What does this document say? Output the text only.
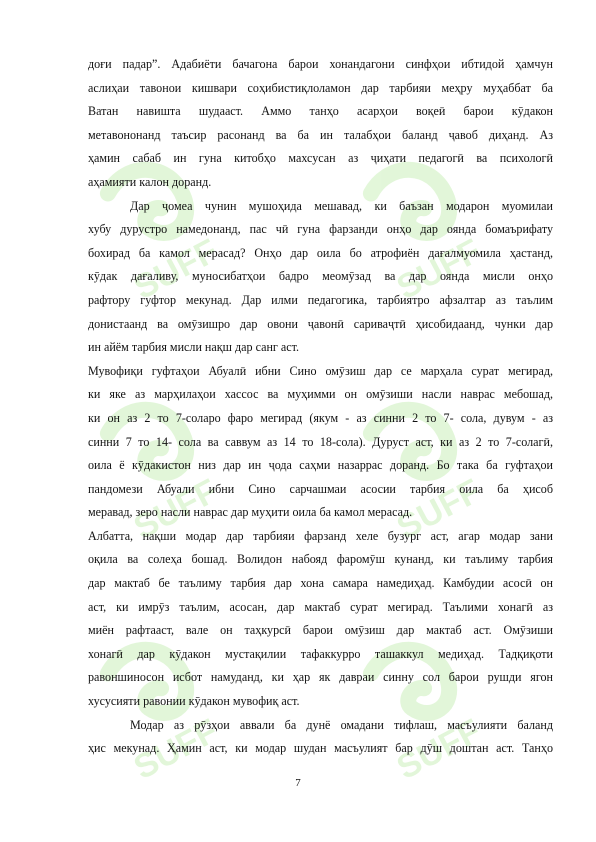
SUFF	SUFF
SUFF	SUFF
SUFF	SUFF

доғи падар”. Адабиёти бачагона барои хонандагони синфҳои ибтидой ҳамчун

аслиҳаи тавонои кишвари соҳибистиқлоламон дар тарбияи меҳру муҳаббат ба

Ватан навишта шудааст. Аммо танҳо асарҳои воқеӣ барои кӯдакон

метавононанд таъсир расонанд ва ба ин талабҳои баланд ҷавоб диҳанд. Аз

ҳамин сабаб ин гуна китобҳо махсусан аз ҷиҳати педагогӣ ва психологӣ

аҳамияти калон доранд.

Дар ҷомеа чунин мушоҳида мешавад, ки баъзан модарон муомилаи

хубу дурустро намедонанд, пас чӣ гуна фарзанди онҳо дар оянда бомаърифату

бохирад ба камол мерасад? Онҳо дар оила бо атрофиён дағалмуомила ҳастанд,

кӯдак дағаливу, муносибатҳои бадро меомӯзад ва дар оянда мисли онҳо

рафтору гуфтор мекунад. Дар илми педагогика, тарбиятро афзалтар аз таълим

донистаанд ва омӯзишро дар овони ҷавонӣ сариваҷтӣ ҳисобидаанд, чунки дар

ин айём тарбия мисли нақш дар санг аст.

Мувофиқи гуфтаҳои Абуалӣ ибни Сино омӯзиш дар се марҳала сурат мегирад,

ки яке аз марҳилаҳои хассос ва муҳимми он омӯзиши насли наврас мебошад,

ки он аз 2 то 7-соларо фаро мегирад (якум - аз синни 2 то 7- сола, дувум - аз

синни 7 то 14- сола ва саввум аз 14 то 18-сола). Дуруст аст, ки аз 2 то 7-солагӣ,

оила ё кӯдакистон низ дар ин ҷода саҳми назаррас доранд. Бо така ба гуфтаҳои

пандомези Абуали ибни Сино сарчашмаи асосии тарбия оила ба ҳисоб

меравад, зеро насли наврас дар муҳити оила ба камол мерасад.

Албатта, нақши модар дар тарбияи фарзанд хеле бузург аст, агар модар зани

оқила ва солеҳа бошад. Волидон набояд фаромӯш кунанд, ки таълиму тарбия

дар мактаб бе таълиму тарбия дар хона самара намедиҳад. Камбудии асосӣ он

аст, ки имрӯз таълим, асосан, дар мактаб сурат мегирад. Таълими хонагӣ аз

миён рафтааст, вале он таҳкурсӣ барои омӯзиш дар мактаб аст. Омӯзиши

хонагӣ дар кӯдакон мустақилии тафаккурро ташаккул медиҳад. Тадқиқоти

равоншиносон исбот намуданд, ки ҳар як давраи синну сол барои рушди ягон

хусусияти равонии кӯдакон мувофиқ аст.

Модар аз рӯзҳои аввали ба дунё омадани тифлаш, масъулияти баланд

ҳис мекунад. Ҳамин аст, ки модар шудан масъулият бар дӯш доштан аст. Танҳо

7
